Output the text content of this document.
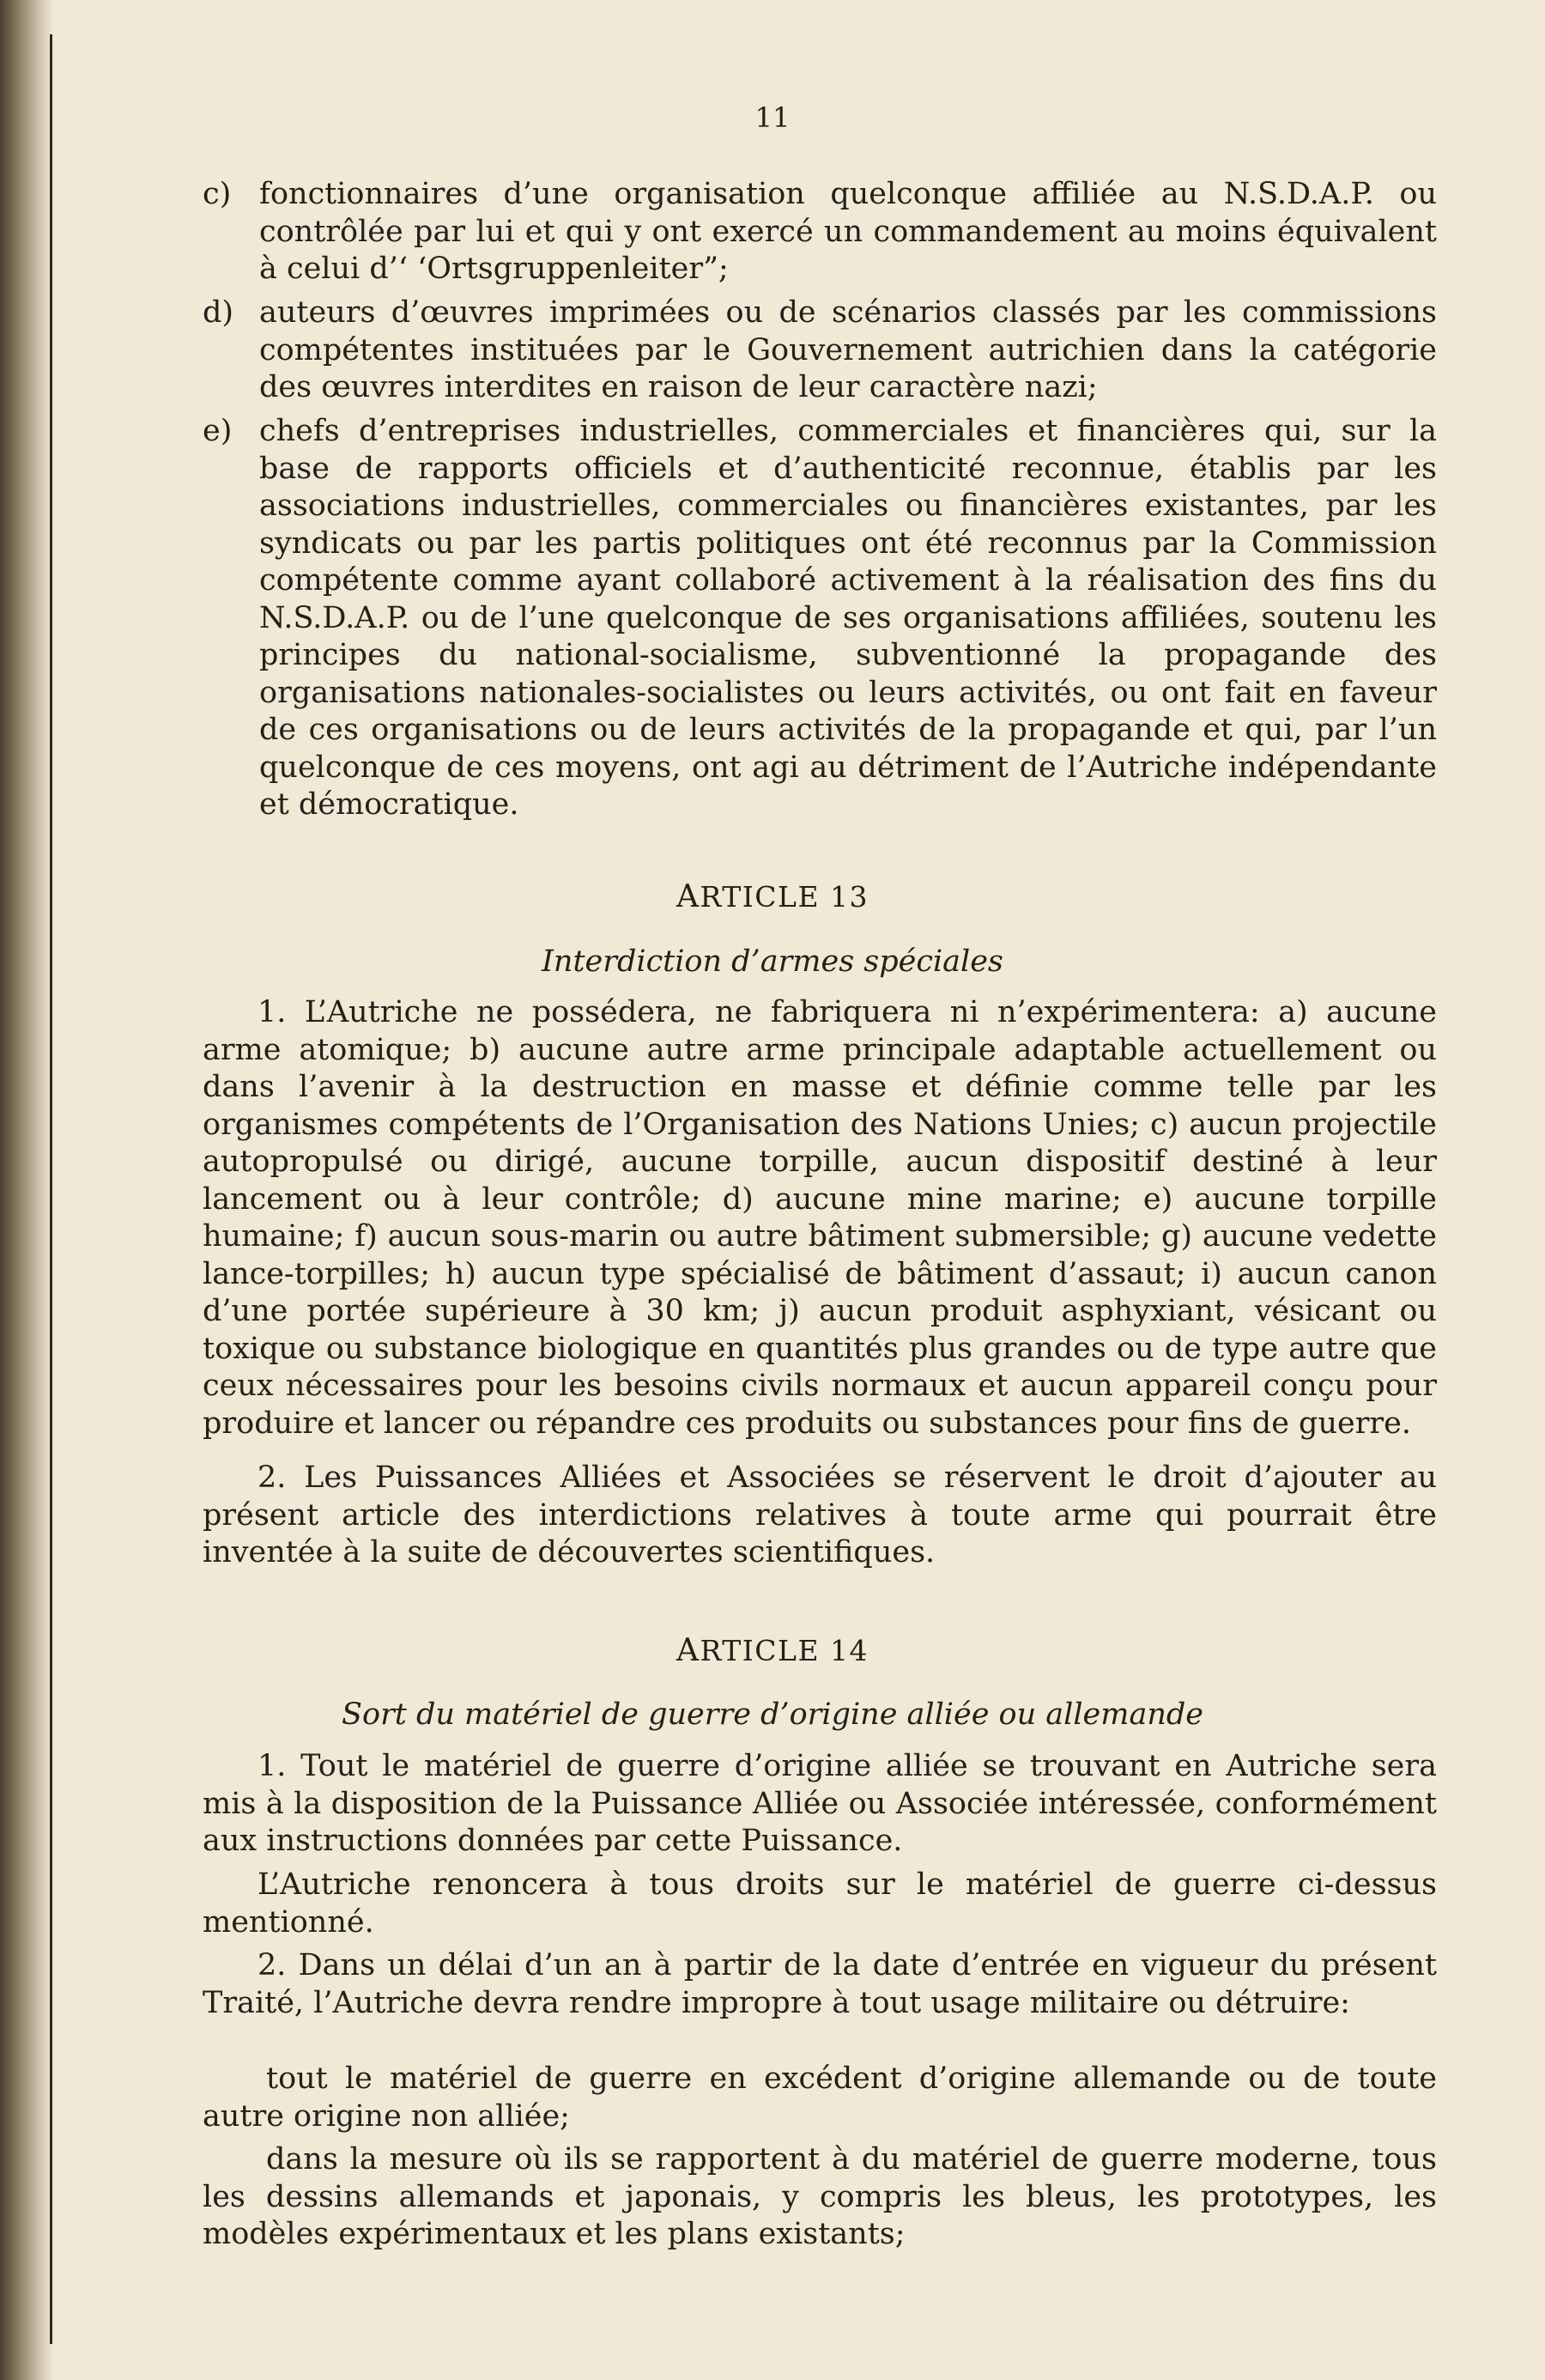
11
c) fonctionnaires d’une organisation quelconque affiliée au N.S.D.A.P. ou contrôlée par lui et qui y ont exercé un commandement au moins équivalent à celui d’‘ ‘Ortsgruppenleiter”;
d) auteurs d’œuvres imprimées ou de scénarios classés par les commissions compétentes instituées par le Gouvernement autrichien dans la catégorie des œuvres interdites en raison de leur caractère nazi;
e) chefs d’entreprises industrielles, commerciales et financières qui, sur la base de rapports officiels et d’authenticité reconnue, établis par les associations industrielles, commerciales ou financières existantes, par les syndicats ou par les partis politiques ont été reconnus par la Commission compétente comme ayant collaboré activement à la réalisation des fins du N.S.D.A.P. ou de l’une quelconque de ses organisations affiliées, soutenu les principes du national-socialisme, subventionné la propagande des organisations nationales-socialistes ou leurs activités, ou ont fait en faveur de ces organisations ou de leurs activités de la propagande et qui, par l’un quelconque de ces moyens, ont agi au détriment de l’Autriche indépendante et démocratique.
ARTICLE 13
Interdiction d’armes spéciales
1. L’Autriche ne possédera, ne fabriquera ni n’expérimentera: a) aucune arme atomique; b) aucune autre arme principale adaptable actuellement ou dans l’avenir à la destruction en masse et définie comme telle par les organismes compétents de l’Organisation des Nations Unies; c) aucun projectile autopropulsé ou dirigé, aucune torpille, aucun dispositif destiné à leur lancement ou à leur contrôle; d) aucune mine marine; e) aucune torpille humaine; f) aucun sous-marin ou autre bâtiment submersible; g) aucune vedette lance-torpilles; h) aucun type spécialisé de bâtiment d’assaut; i) aucun canon d’une portée supérieure à 30 km; j) aucun produit asphyxiant, vésicant ou toxique ou substance biologique en quantités plus grandes ou de type autre que ceux nécessaires pour les besoins civils normaux et aucun appareil conçu pour produire et lancer ou répandre ces produits ou substances pour fins de guerre.
2. Les Puissances Alliées et Associées se réservent le droit d’ajouter au présent article des interdictions relatives à toute arme qui pourrait être inventée à la suite de découvertes scientifiques.
ARTICLE 14
Sort du matériel de guerre d’origine alliée ou allemande
1. Tout le matériel de guerre d’origine alliée se trouvant en Autriche sera mis à la disposition de la Puissance Alliée ou Associée intéressée, conformément aux instructions données par cette Puissance.
L’Autriche renoncera à tous droits sur le matériel de guerre ci-dessus mentionné.
2. Dans un délai d’un an à partir de la date d’entrée en vigueur du présent Traité, l’Autriche devra rendre impropre à tout usage militaire ou détruire:
tout le matériel de guerre en excédent d’origine allemande ou de toute autre origine non alliée;
dans la mesure où ils se rapportent à du matériel de guerre moderne, tous les dessins allemands et japonais, y compris les bleus, les prototypes, les modèles expérimentaux et les plans existants;
